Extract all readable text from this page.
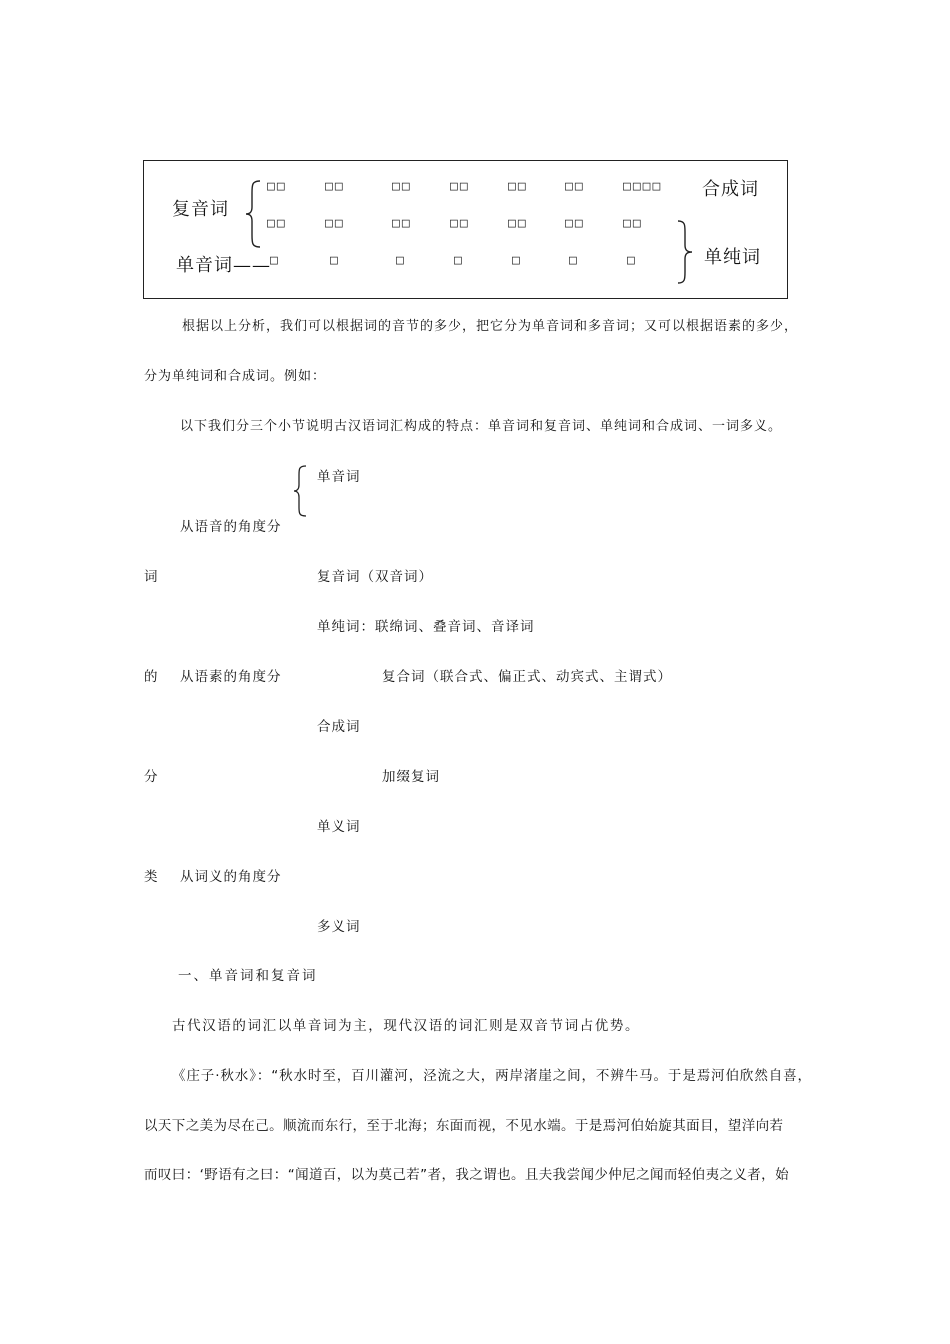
复音词
□□	□□	□□	□□	□□	□□	□□□□ 合成词
□□	□□	□□	□□	□□	□□	□□
单纯词
单音词—— □	□	□	□	□	□	□
根据以上分析，我们可以根据词的音节的多少，把它分为单音词和多音词；又可以根据语素的多少，
分为单纯词和合成词。例如：
以下我们分三个小节说明古汉语词汇构成的特点：单音词和复音词、单纯词和合成词、一词多义。
单音词
从语音的角度分
词	复音词（双音词）
单纯词：联绵词、叠音词、音译词
的 从语素的角度分	复合词（联合式、偏正式、动宾式、主谓式）
合成词
分	加缀复词
单义词
类 从词义的角度分
多义词
一、单音词和复音词
古代汉语的词汇以单音词为主，现代汉语的词汇则是双音节词占优势。
《庄子·秋水》：“秋水时至，百川灌河，泾流之大，两岸渚崖之间，不辨牛马。于是焉河伯欣然自喜，
以天下之美为尽在己。顺流而东行，至于北海；东面而视，不见水端。于是焉河伯始旋其面目，望洋向若
而叹曰：‘野语有之曰：“闻道百，以为莫己若”者，我之谓也。且夫我尝闻少仲尼之闻而轻伯夷之义者，始
